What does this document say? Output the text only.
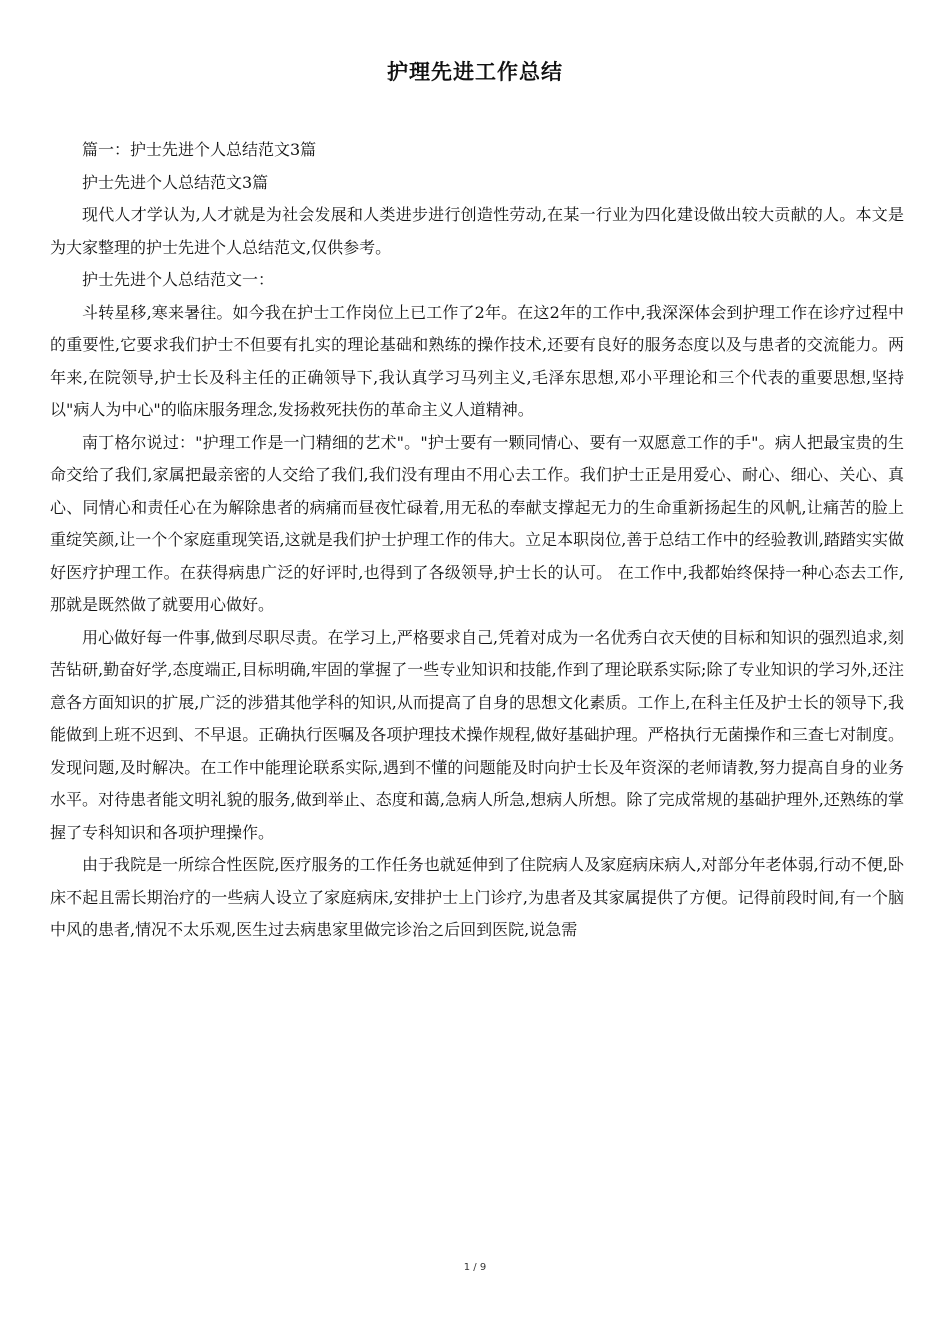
护理先进工作总结

篇一：护士先进个人总结范文3篇

护士先进个人总结范文3篇

现代人才学认为,人才就是为社会发展和人类进步进行创造性劳动,在某一行业为四化建设做出较大贡献的人。本文是为大家整理的护士先进个人总结范文,仅供参考。

护士先进个人总结范文一：

斗转星移,寒来暑往。如今我在护士工作岗位上已工作了2年。在这2年的工作中,我深深体会到护理工作在诊疗过程中的重要性,它要求我们护士不但要有扎实的理论基础和熟练的操作技术,还要有良好的服务态度以及与患者的交流能力。两年来,在院领导,护士长及科主任的正确领导下,我认真学习马列主义,毛泽东思想,邓小平理论和三个代表的重要思想,坚持以"病人为中心"的临床服务理念,发扬救死扶伤的革命主义人道精神。

南丁格尔说过："护理工作是一门精细的艺术"。"护士要有一颗同情心、要有一双愿意工作的手"。病人把最宝贵的生命交给了我们,家属把最亲密的人交给了我们,我们没有理由不用心去工作。我们护士正是用爱心、耐心、细心、关心、真心、同情心和责任心在为解除患者的病痛而昼夜忙碌着,用无私的奉献支撑起无力的生命重新扬起生的风帆,让痛苦的脸上重绽笑颜,让一个个家庭重现笑语,这就是我们护士护理工作的伟大。立足本职岗位,善于总结工作中的经验教训,踏踏实实做好医疗护理工作。在获得病患广泛的好评时,也得到了各级领导,护士长的认可。 在工作中,我都始终保持一种心态去工作,那就是既然做了就要用心做好。

用心做好每一件事,做到尽职尽责。在学习上,严格要求自己,凭着对成为一名优秀白衣天使的目标和知识的强烈追求,刻苦钻研,勤奋好学,态度端正,目标明确,牢固的掌握了一些专业知识和技能,作到了理论联系实际;除了专业知识的学习外,还注意各方面知识的扩展,广泛的涉猎其他学科的知识,从而提高了自身的思想文化素质。工作上,在科主任及护士长的领导下,我能做到上班不迟到、不早退。正确执行医嘱及各项护理技术操作规程,做好基础护理。严格执行无菌操作和三查七对制度。发现问题,及时解决。在工作中能理论联系实际,遇到不懂的问题能及时向护士长及年资深的老师请教,努力提高自身的业务水平。对待患者能文明礼貌的服务,做到举止、态度和蔼,急病人所急,想病人所想。除了完成常规的基础护理外,还熟练的掌握了专科知识和各项护理操作。

由于我院是一所综合性医院,医疗服务的工作任务也就延伸到了住院病人及家庭病床病人,对部分年老体弱,行动不便,卧床不起且需长期治疗的一些病人设立了家庭病床,安排护士上门诊疗,为患者及其家属提供了方便。记得前段时间,有一个脑中风的患者,情况不太乐观,医生过去病患家里做完诊治之后回到医院,说急需

1 / 9
